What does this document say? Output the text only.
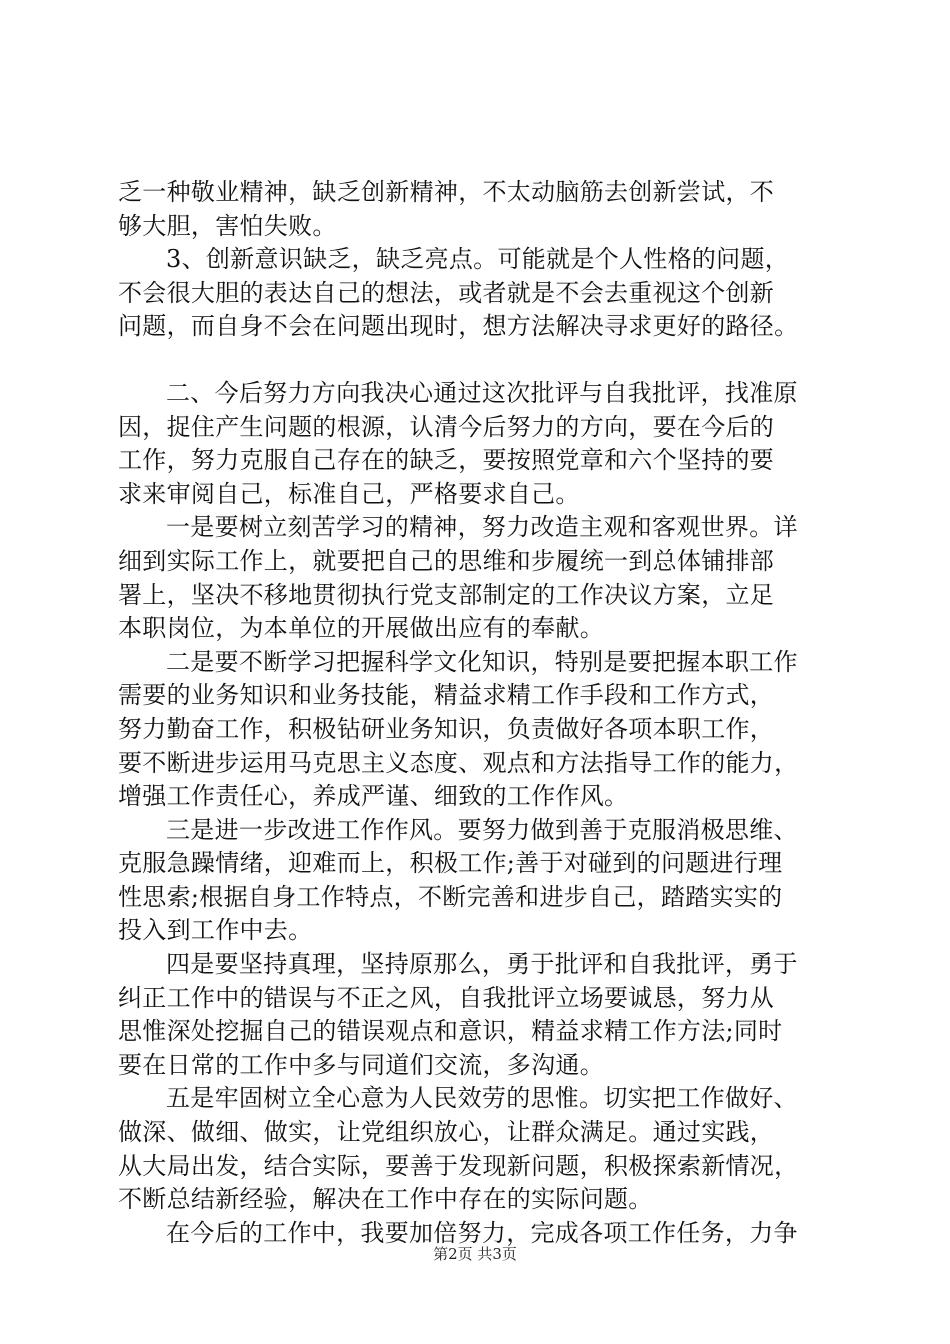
乏一种敬业精神，缺乏创新精神，不太动脑筋去创新尝试，不
够大胆，害怕失败。
3、创新意识缺乏，缺乏亮点。可能就是个人性格的问题，
不会很大胆的表达自己的想法，或者就是不会去重视这个创新
问题，而自身不会在问题出现时，想方法解决寻求更好的路径。
二、今后努力方向我决心通过这次批评与自我批评，找准原
因，捉住产生问题的根源，认清今后努力的方向，要在今后的
工作，努力克服自己存在的缺乏，要按照党章和六个坚持的要
求来审阅自己，标准自己，严格要求自己。
一是要树立刻苦学习的精神，努力改造主观和客观世界。详
细到实际工作上，就要把自己的思维和步履统一到总体铺排部
署上，坚决不移地贯彻执行党支部制定的工作决议方案，立足
本职岗位，为本单位的开展做出应有的奉献。
二是要不断学习把握科学文化知识，特别是要把握本职工作
需要的业务知识和业务技能，精益求精工作手段和工作方式，
努力勤奋工作，积极钻研业务知识，负责做好各项本职工作，
要不断进步运用马克思主义态度、观点和方法指导工作的能力，
增强工作责任心，养成严谨、细致的工作作风。
三是进一步改进工作作风。要努力做到善于克服消极思维、
克服急躁情绪，迎难而上，积极工作;善于对碰到的问题进行理
性思索;根据自身工作特点，不断完善和进步自己，踏踏实实的
投入到工作中去。
四是要坚持真理，坚持原那么，勇于批评和自我批评，勇于
纠正工作中的错误与不正之风，自我批评立场要诚恳，努力从
思惟深处挖掘自己的错误观点和意识，精益求精工作方法;同时
要在日常的工作中多与同道们交流，多沟通。
五是牢固树立全心意为人民效劳的思惟。切实把工作做好、
做深、做细、做实，让党组织放心，让群众满足。通过实践，
从大局出发，结合实际，要善于发现新问题，积极探索新情况，
不断总结新经验，解决在工作中存在的实际问题。
在今后的工作中，我要加倍努力，完成各项工作任务，力争
第2页 共3页
